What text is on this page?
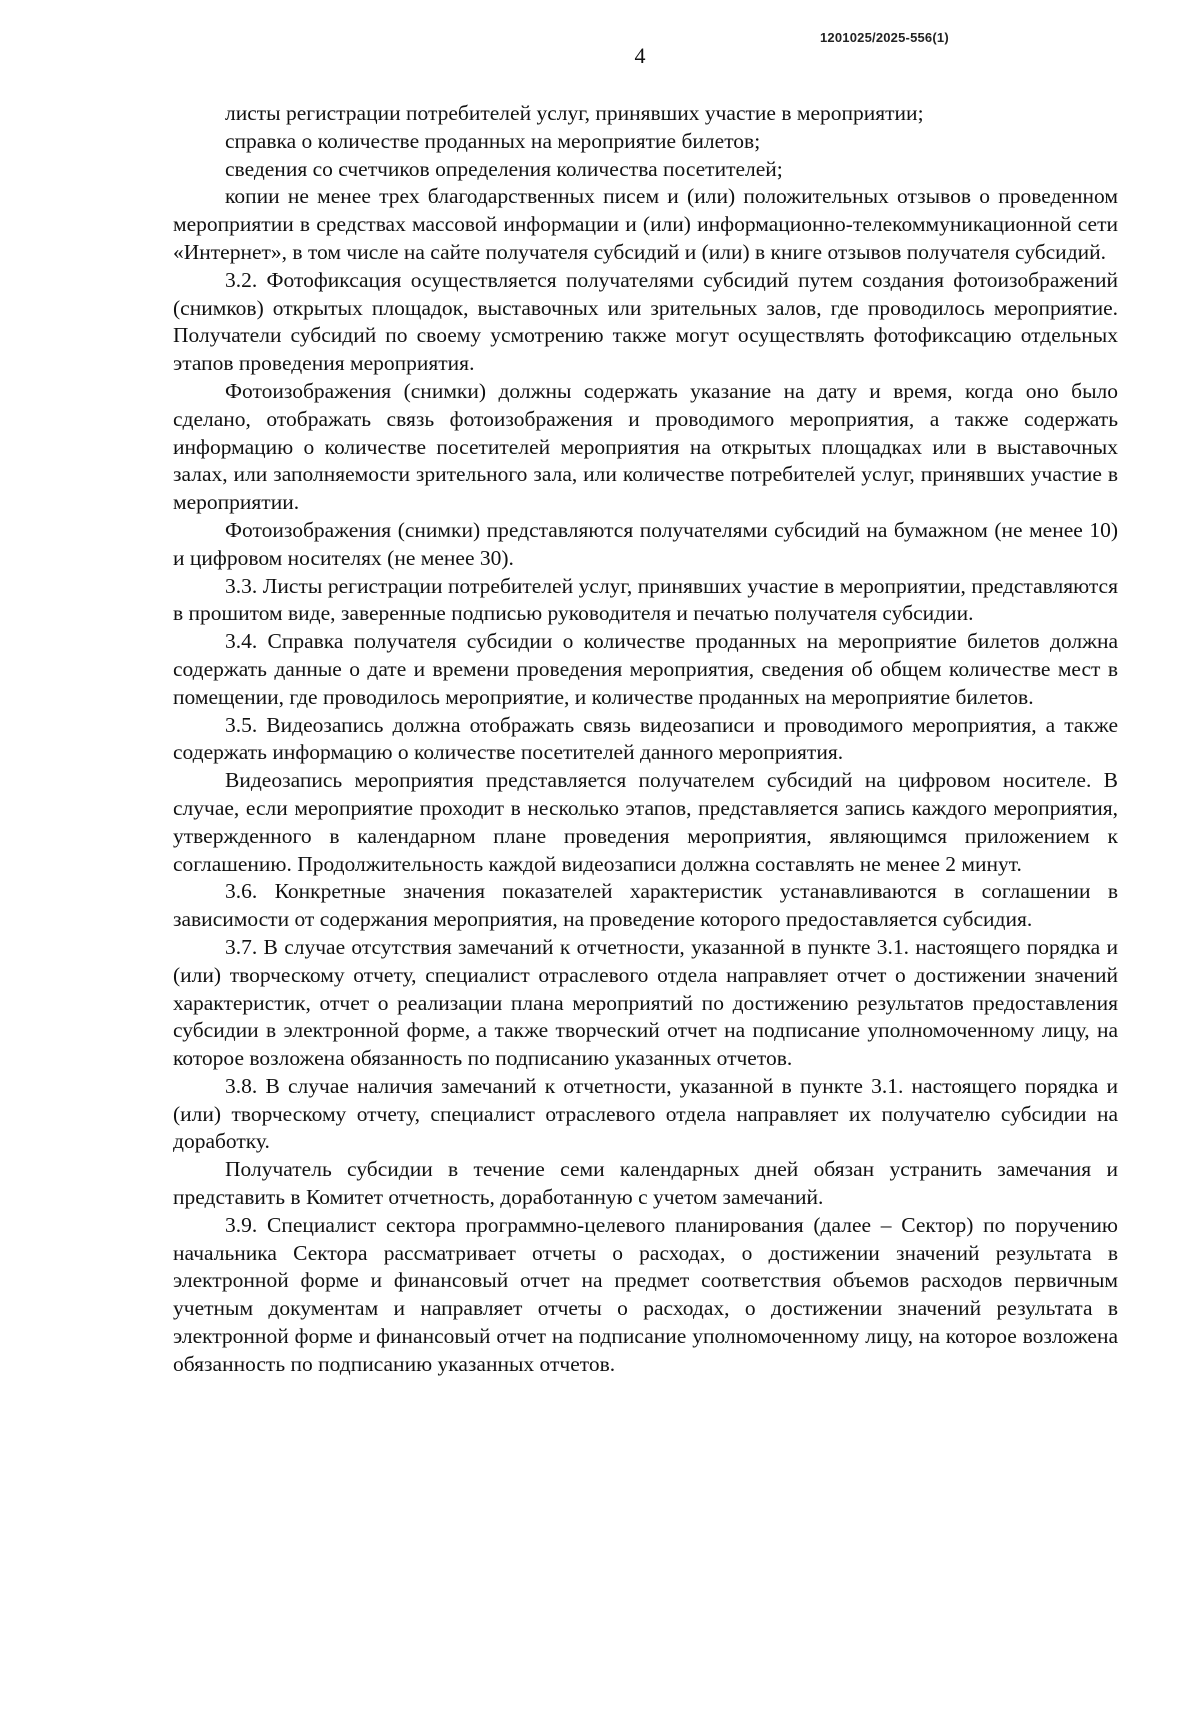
1201025/2025-556(1)
4

листы регистрации потребителей услуг, принявших участие в мероприятии;

справка о количестве проданных на мероприятие билетов;

сведения со счетчиков определения количества посетителей;

копии не менее трех благодарственных писем и (или) положительных отзывов о проведенном мероприятии в средствах массовой информации и (или) информационно-телекоммуникационной сети «Интернет», в том числе на сайте получателя субсидий и (или) в книге отзывов получателя субсидий.

3.2. Фотофиксация осуществляется получателями субсидий путем создания фотоизображений (снимков) открытых площадок, выставочных или зрительных залов, где проводилось мероприятие. Получатели субсидий по своему усмотрению также могут осуществлять фотофиксацию отдельных этапов проведения мероприятия.

Фотоизображения (снимки) должны содержать указание на дату и время, когда оно было сделано, отображать связь фотоизображения и проводимого мероприятия, а также содержать информацию о количестве посетителей мероприятия на открытых площадках или в выставочных залах, или заполняемости зрительного зала, или количестве потребителей услуг, принявших участие в мероприятии.

Фотоизображения (снимки) представляются получателями субсидий на бумажном (не менее 10) и цифровом носителях (не менее 30).

3.3. Листы регистрации потребителей услуг, принявших участие в мероприятии, представляются в прошитом виде, заверенные подписью руководителя и печатью получателя субсидии.

3.4. Справка получателя субсидии о количестве проданных на мероприятие билетов должна содержать данные о дате и времени проведения мероприятия, сведения об общем количестве мест в помещении, где проводилось мероприятие, и количестве проданных на мероприятие билетов.

3.5. Видеозапись должна отображать связь видеозаписи и проводимого мероприятия, а также содержать информацию о количестве посетителей данного мероприятия.

Видеозапись мероприятия представляется получателем субсидий на цифровом носителе. В случае, если мероприятие проходит в несколько этапов, представляется запись каждого мероприятия, утвержденного в календарном плане проведения мероприятия, являющимся приложением к соглашению. Продолжительность каждой видеозаписи должна составлять не менее 2 минут.

3.6. Конкретные значения показателей характеристик устанавливаются в соглашении в зависимости от содержания мероприятия, на проведение которого предоставляется субсидия.

3.7. В случае отсутствия замечаний к отчетности, указанной в пункте 3.1. настоящего порядка и (или) творческому отчету, специалист отраслевого отдела направляет отчет о достижении значений характеристик, отчет о реализации плана мероприятий по достижению результатов предоставления субсидии в электронной форме, а также творческий отчет на подписание уполномоченному лицу, на которое возложена обязанность по подписанию указанных отчетов.

3.8. В случае наличия замечаний к отчетности, указанной в пункте 3.1. настоящего порядка и (или) творческому отчету, специалист отраслевого отдела направляет их получателю субсидии на доработку.

Получатель субсидии в течение семи календарных дней обязан устранить замечания и представить в Комитет отчетность, доработанную с учетом замечаний.

3.9. Специалист сектора программно-целевого планирования (далее – Сектор) по поручению начальника Сектора рассматривает отчеты о расходах, о достижении значений результата в электронной форме и финансовый отчет на предмет соответствия объемов расходов первичным учетным документам и направляет отчеты о расходах, о достижении значений результата в электронной форме и финансовый отчет на подписание уполномоченному лицу, на которое возложена обязанность по подписанию указанных отчетов.
